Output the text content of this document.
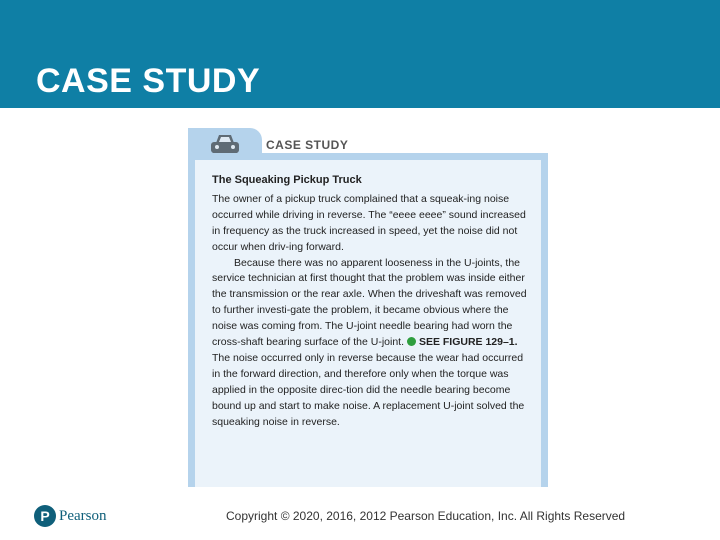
CASE STUDY
CASE STUDY
The Squeaking Pickup Truck

The owner of a pickup truck complained that a squeak-ing noise occurred while driving in reverse. The “eeee eeee” sound increased in frequency as the truck increased in speed, yet the noise did not occur when driv-ing forward.

Because there was no apparent looseness in the U-joints, the service technician at first thought that the problem was inside either the transmission or the rear axle. When the driveshaft was removed to further investi-gate the problem, it became obvious where the noise was coming from. The U-joint needle bearing had worn the cross-shaft bearing surface of the U-joint. SEE FIGURE 129–1. The noise occurred only in reverse because the wear had occurred in the forward direction, and therefore only when the torque was applied in the opposite direc-tion did the needle bearing become bound up and start to make noise. A replacement U-joint solved the squeaking noise in reverse.

P Pearson	Copyright © 2020, 2016, 2012 Pearson Education, Inc. All Rights Reserved
